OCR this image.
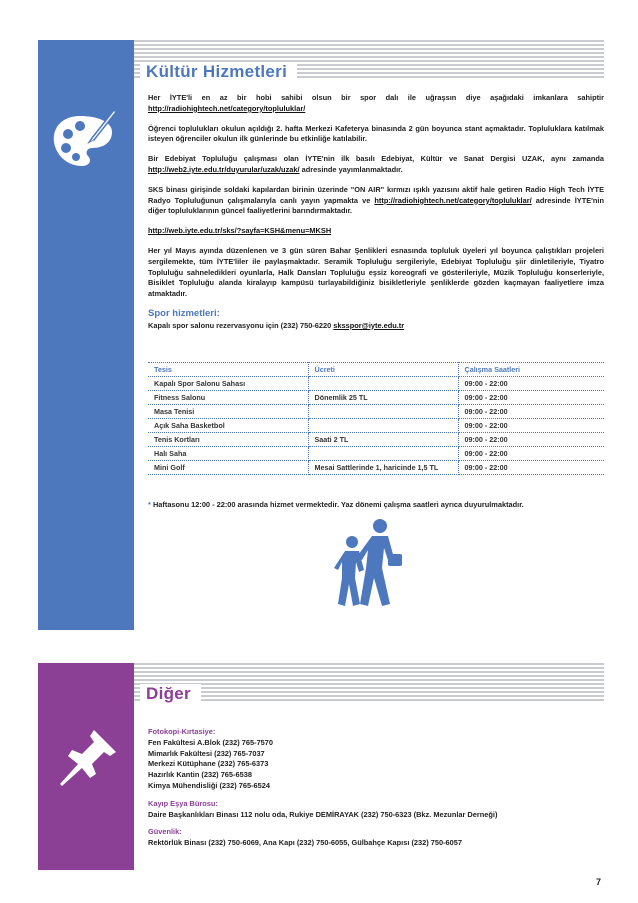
Kültür Hizmetleri
Diğer

Her İYTE'li en az bir hobi sahibi olsun bir spor dalı ile uğraşsın diye aşağıdaki imkanlara sahiptir http://radiohightech.net/category/topluluklar/

Öğrenci toplulukları okulun açıldığı 2. hafta Merkezi Kafeterya binasında 2 gün boyunca stant açmaktadır. Topluluklara katılmak isteyen öğrenciler okulun ilk günlerinde bu etkinliğe katılabilir.

Bir Edebiyat Topluluğu çalışması olan İYTE'nin ilk basılı Edebiyat, Kültür ve Sanat Dergisi UZAK, aynı zamanda http://web2.iyte.edu.tr/duyurular/uzak/uzak/ adresinde yayımlanmaktadır.

SKS binası girişinde soldaki kapılardan birinin üzerinde "ON AIR" kırmızı ışıklı yazısını aktif hale getiren Radio High Tech İYTE Radyo Topluluğunun çalışmalarıyla canlı yayın yapmakta ve http://radiohightech.net/category/topluluklar/ adresinde İYTE'nin diğer topluluklarının güncel faaliyetlerini barındırmaktadır.

http://web.iyte.edu.tr/sks/?sayfa=KSH&menu=MKSH

Her yıl Mayıs ayında düzenlenen ve 3 gün süren Bahar Şenlikleri esnasında topluluk üyeleri yıl boyunca çalıştıkları projeleri sergilemekte, tüm İYTE'liler ile paylaşmaktadır. Seramik Topluluğu sergileriyle, Edebiyat Topluluğu şiir dinletileriyle, Tiyatro Topluluğu sahneledikleri oyunlarla, Halk Dansları Topluluğu eşsiz koreografi ve gösterileriyle, Müzik Topluluğu konserleriyle, Bisiklet Topluluğu alanda kiralayıp kampüsü turlayabildiğiniz bisikletleriyle şenliklerde gözden kaçmayan faaliyetlere imza atmaktadır.

Spor hizmetleri:

Kapalı spor salonu rezervasyonu için (232) 750-6220 sksspor@iyte.edu.tr

Tesis	Ücreti	Çalışma Saatleri
Kapalı Spor Salonu Sahası		09:00 - 22:00
Fitness Salonu	Dönemlik 25 TL	09:00 - 22:00
Masa Tenisi		09:00 - 22:00
Açık Saha Basketbol		09:00 - 22:00
Tenis Kortları	Saati 2 TL	09:00 - 22:00
Halı Saha		09:00 - 22:00
Mini Golf	Mesai Sattlerinde 1, haricinde 1,5 TL	09:00 - 22:00

* Haftasonu 12:00 - 22:00 arasında hizmet vermektedir. Yaz dönemi çalışma saatleri ayrıca duyurulmaktadır.

Fotokopi-Kırtasiye:
Fen Fakültesi A.Blok (232) 765-7570
Mimarlık Fakültesi (232) 765-7037
Merkezi Kütüphane (232) 765-6373
Hazırlık Kantin (232) 765-6538
Kimya Mühendisliği (232) 765-6524
Kayıp Eşya Bürosu:
Daire Başkanlıkları Binası 112 nolu oda, Rukiye DEMİRAYAK (232) 750-6323 (Bkz. Mezunlar Derneği)
Güvenlik:
Rektörlük Binası (232) 750-6069, Ana Kapı (232) 750-6055, Gülbahçe Kapısı (232) 750-6057
7
